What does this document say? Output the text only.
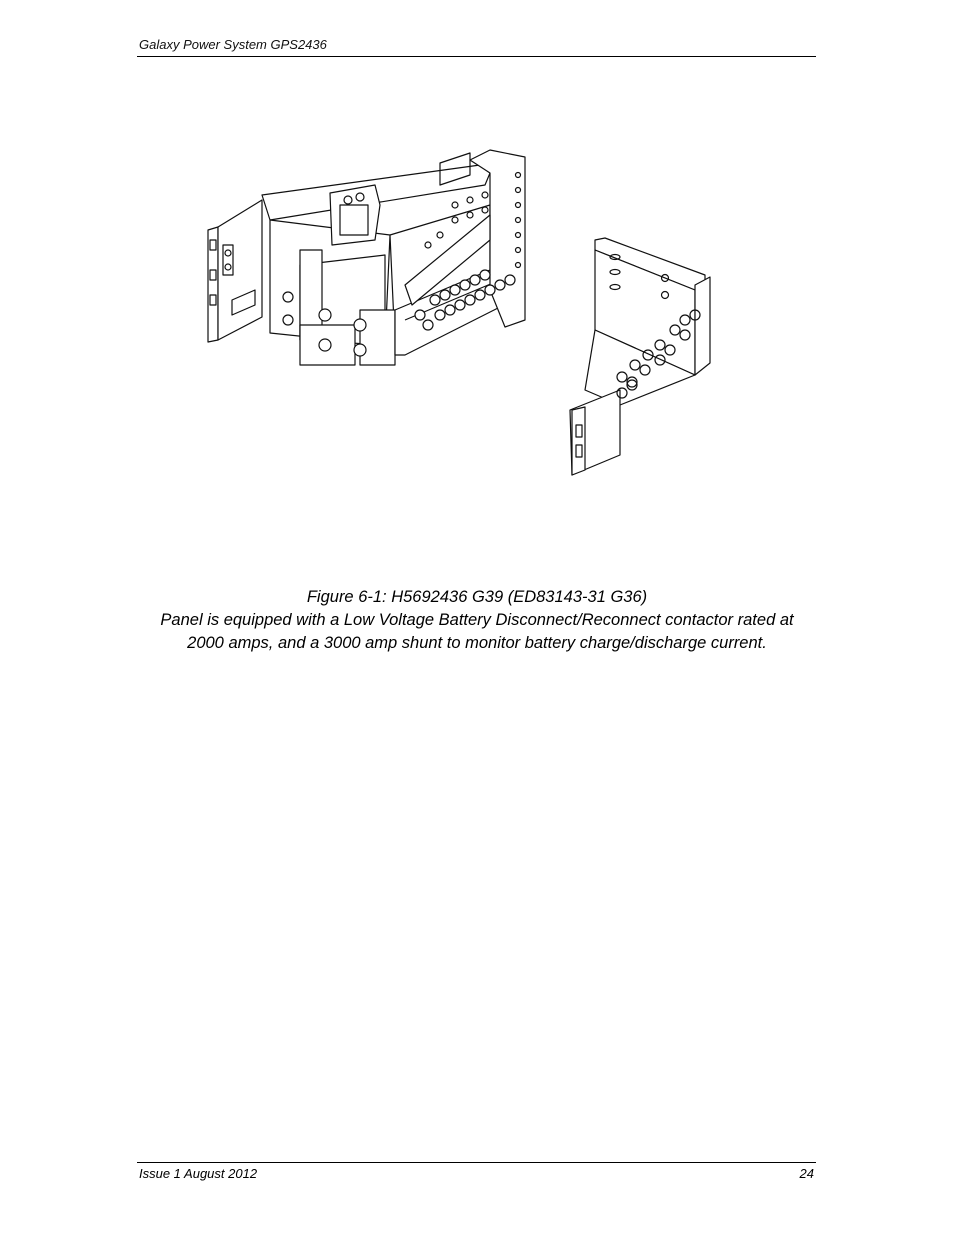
Galaxy Power System GPS2436
Figure 6-1: H5692436 G39 (ED83143-31 G36)
Panel is equipped with a Low Voltage Battery Disconnect/Reconnect contactor rated at
2000 amps, and a 3000 amp shunt to monitor battery charge/discharge current.
Issue 1 August 2012	24
